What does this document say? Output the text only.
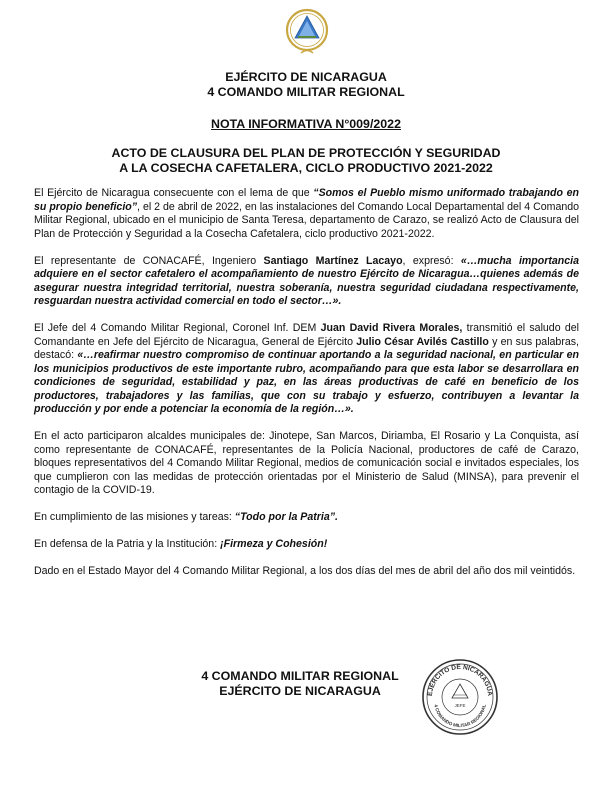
EJÉRCITO DE NICARAGUA
4 COMANDO MILITAR REGIONAL
NOTA INFORMATIVA N°009/2022
ACTO DE CLAUSURA DEL PLAN DE PROTECCIÓN Y SEGURIDAD
A LA COSECHA CAFETALERA, CICLO PRODUCTIVO 2021-2022

El Ejército de Nicaragua consecuente con el lema de que “Somos el Pueblo mismo uniformado trabajando en su propio beneficio”, el 2 de abril de 2022, en las instalaciones del Comando Local Departamental del 4 Comando Militar Regional, ubicado en el municipio de Santa Teresa, departamento de Carazo, se realizó Acto de Clausura del Plan de Protección y Seguridad a la Cosecha Cafetalera, ciclo productivo 2021-2022.

El representante de CONACAFÉ, Ingeniero Santiago Martínez Lacayo, expresó: «…mucha importancia adquiere en el sector cafetalero el acompañamiento de nuestro Ejército de Nicaragua…quienes además de asegurar nuestra integridad territorial, nuestra soberanía, nuestra seguridad ciudadana respectivamente, resguardan nuestra actividad comercial en todo el sector…».

El Jefe del 4 Comando Militar Regional, Coronel Inf. DEM Juan David Rivera Morales, transmitió el saludo del Comandante en Jefe del Ejército de Nicaragua, General de Ejército Julio César Avilés Castillo y en sus palabras, destacó: «…reafirmar nuestro compromiso de continuar aportando a la seguridad nacional, en particular en los municipios productivos de este importante rubro, acompañando para que esta labor se desarrollara en condiciones de seguridad, estabilidad y paz, en las áreas productivas de café en beneficio de los productores, trabajadores y las familias, que con su trabajo y esfuerzo, contribuyen a levantar la producción y por ende a potenciar la economía de la región…».

En el acto participaron alcaldes municipales de: Jinotepe, San Marcos, Diriamba, El Rosario y La Conquista, así como representante de CONACAFÉ, representantes de la Policía Nacional, productores de café de Carazo, bloques representativos del 4 Comando Militar Regional, medios de comunicación social e invitados especiales, los que cumplieron con las medidas de protección orientadas por el Ministerio de Salud (MINSA), para prevenir el contagio de la COVID-19.

En cumplimiento de las misiones y tareas: “Todo por la Patria”.

En defensa de la Patria y la Institución: ¡Firmeza y Cohesión!

Dado en el Estado Mayor del 4 Comando Militar Regional, a los dos días del mes de abril del año dos mil veintidós.

4 COMANDO MILITAR REGIONAL
EJÉRCITO DE NICARAGUA	EJÉRCITO DE NICARAGUA
4 COMANDO MILITAR REGIONAL
JEFE
